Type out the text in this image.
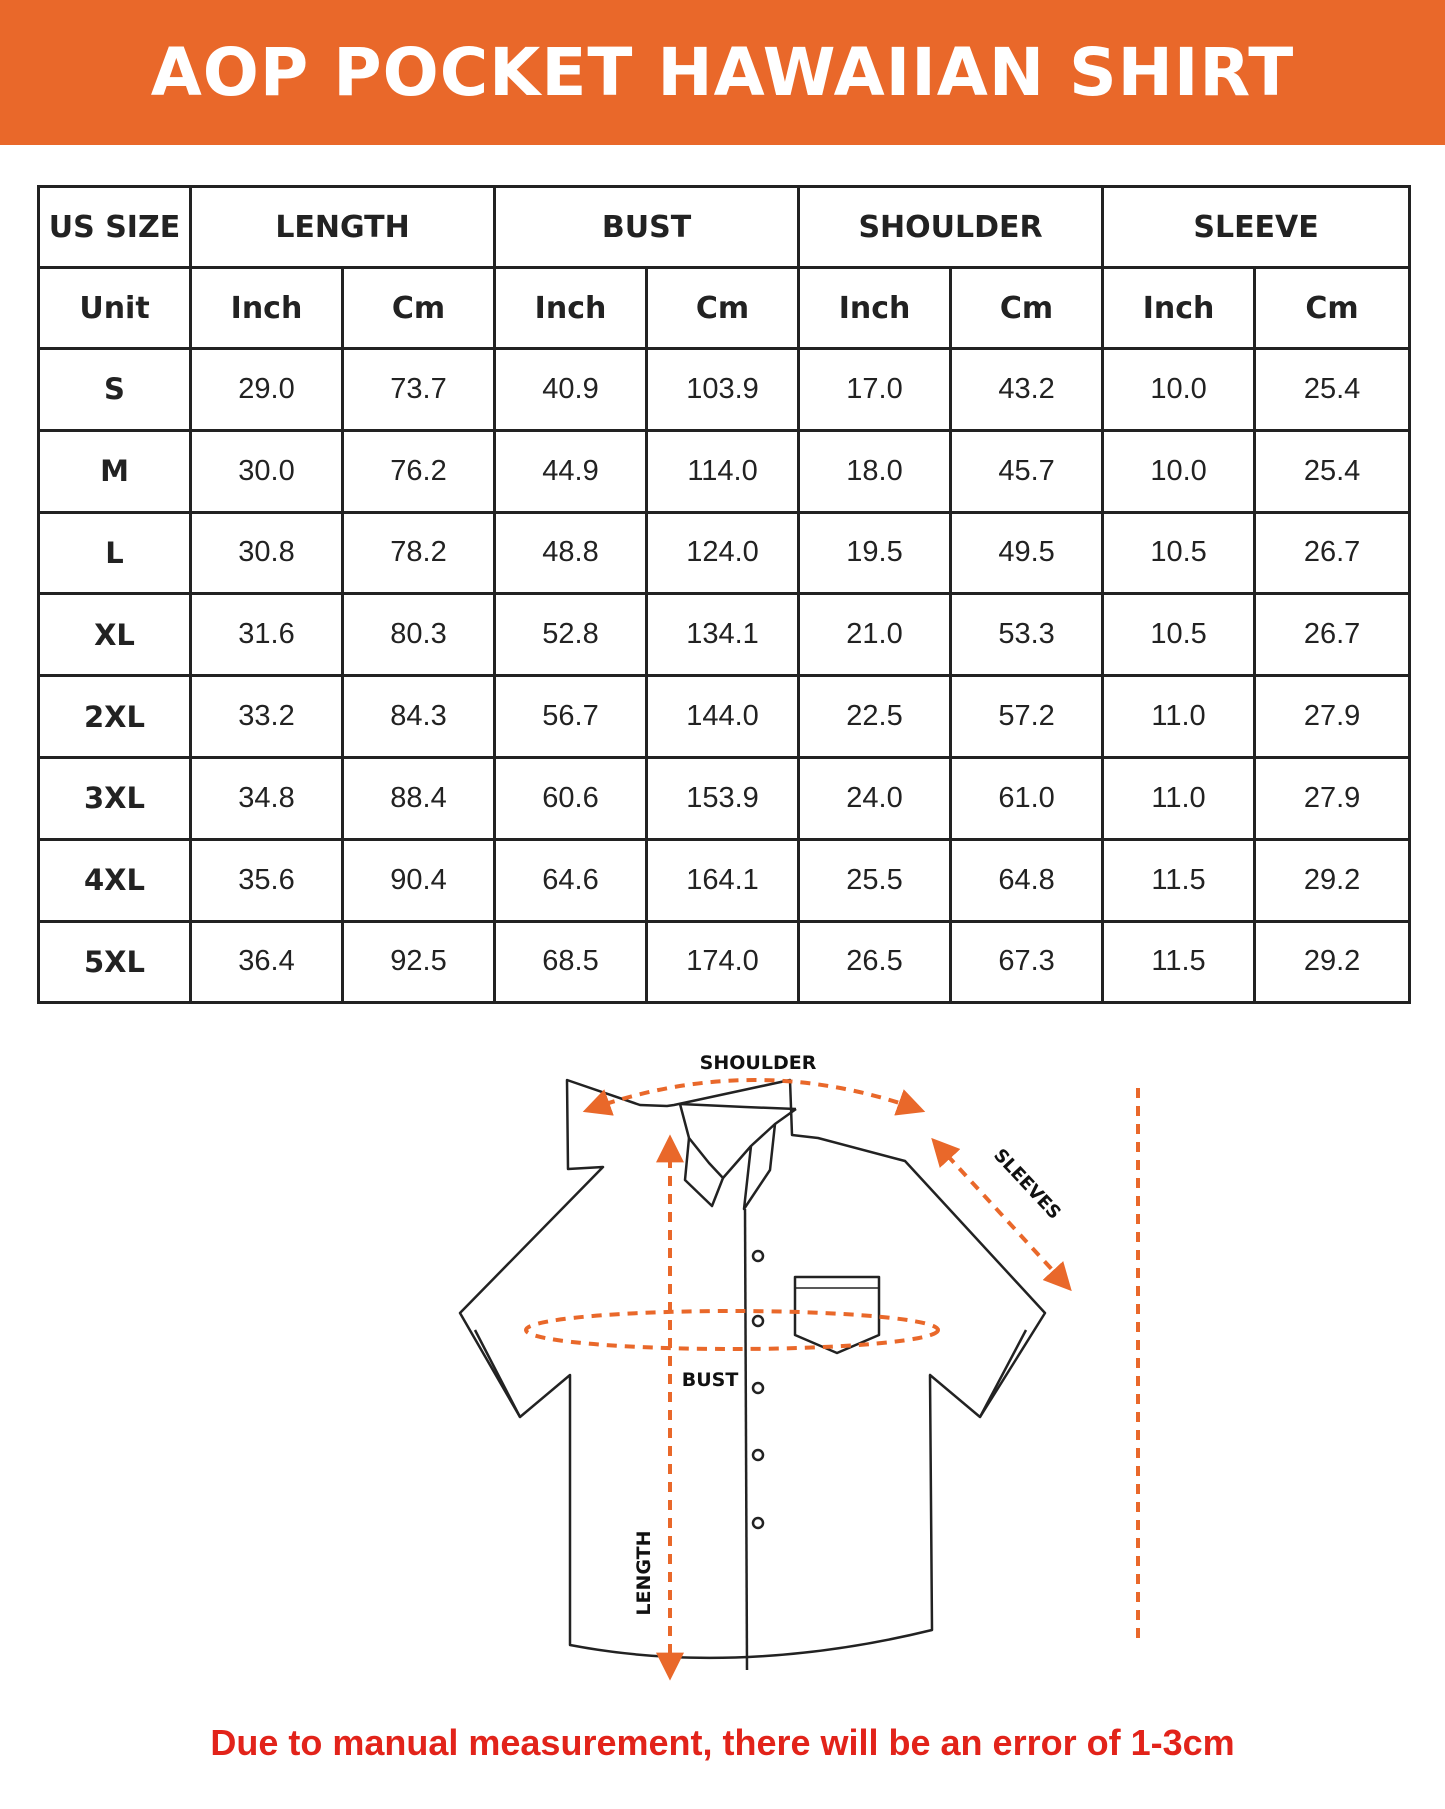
AOP POCKET HAWAIIAN SHIRT
US SIZE	LENGTH		BUST		SHOULDER		SLEEVE	
Unit	Inch	Cm	Inch	Cm	Inch	Cm	Inch	Cm
S	29.0	73.7	40.9	103.9	17.0	43.2	10.0	25.4
M	30.0	76.2	44.9	114.0	18.0	45.7	10.0	25.4
L	30.8	78.2	48.8	124.0	19.5	49.5	10.5	26.7
XL	31.6	80.3	52.8	134.1	21.0	53.3	10.5	26.7
2XL	33.2	84.3	56.7	144.0	22.5	57.2	11.0	27.9
3XL	34.8	88.4	60.6	153.9	24.0	61.0	11.0	27.9
4XL	35.6	90.4	64.6	164.1	25.5	64.8	11.5	29.2
5XL	36.4	92.5	68.5	174.0	26.5	67.3	11.5	29.2
SHOULDER
SLEEVES
BUST
LENGTH
Due to manual measurement, there will be an error of 1-3cm
